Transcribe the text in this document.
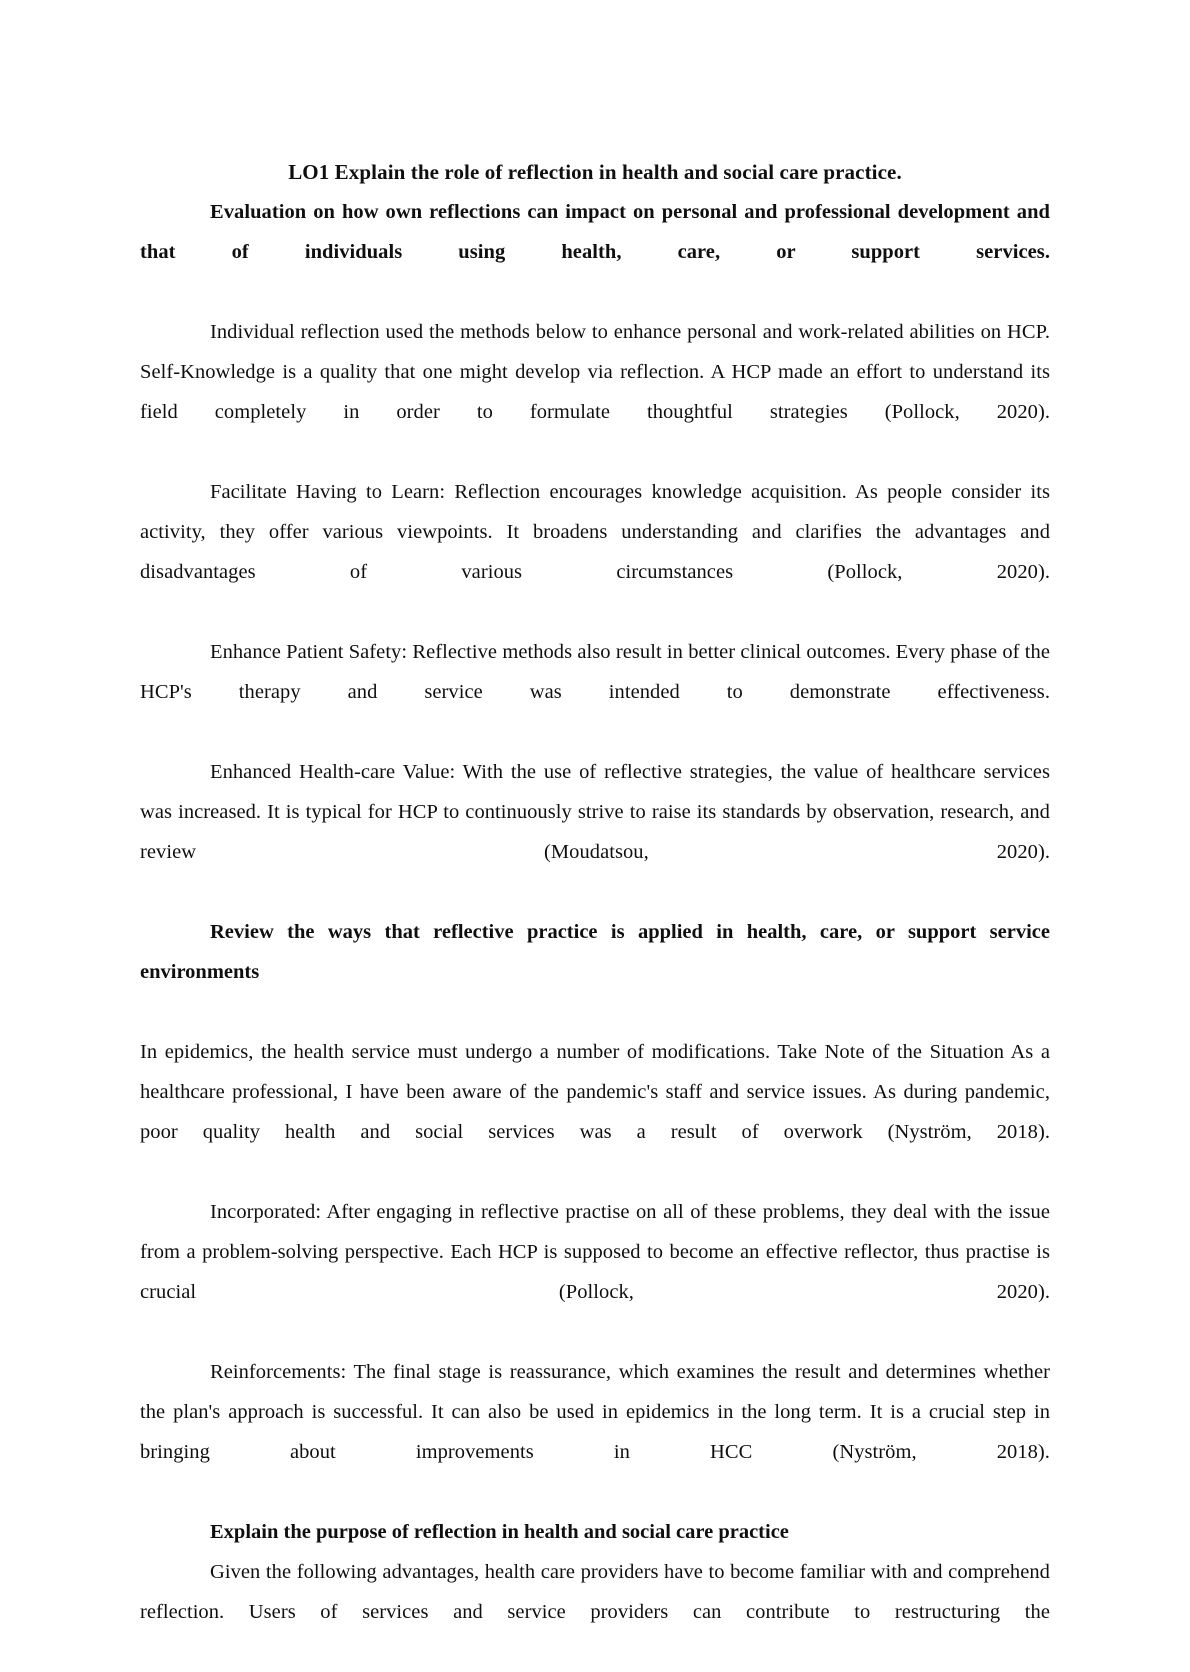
LO1 Explain the role of reflection in health and social care practice.

Evaluation on how own reflections can impact on personal and professional development and that of individuals using health, care, or support services.

Individual reflection used the methods below to enhance personal and work-related abilities on HCP. Self-Knowledge is a quality that one might develop via reflection. A HCP made an effort to understand its field completely in order to formulate thoughtful strategies (Pollock, 2020).

Facilitate Having to Learn: Reflection encourages knowledge acquisition. As people consider its activity, they offer various viewpoints. It broadens understanding and clarifies the advantages and disadvantages of various circumstances (Pollock, 2020).

Enhance Patient Safety: Reflective methods also result in better clinical outcomes. Every phase of the HCP's therapy and service was intended to demonstrate effectiveness.

Enhanced Health-care Value: With the use of reflective strategies, the value of healthcare services was increased. It is typical for HCP to continuously strive to raise its standards by observation, research, and review (Moudatsou, 2020).

Review the ways that reflective practice is applied in health, care, or support service environments

In epidemics, the health service must undergo a number of modifications. Take Note of the Situation As a healthcare professional, I have been aware of the pandemic's staff and service issues. As during pandemic, poor quality health and social services was a result of overwork (Nyström, 2018).

Incorporated: After engaging in reflective practise on all of these problems, they deal with the issue from a problem-solving perspective. Each HCP is supposed to become an effective reflector, thus practise is crucial (Pollock, 2020).

Reinforcements: The final stage is reassurance, which examines the result and determines whether the plan's approach is successful. It can also be used in epidemics in the long term. It is a crucial step in bringing about improvements in HCC (Nyström, 2018).

Explain the purpose of reflection in health and social care practice

Given the following advantages, health care providers have to become familiar with and comprehend reflection. Users of services and service providers can contribute to restructuring the
